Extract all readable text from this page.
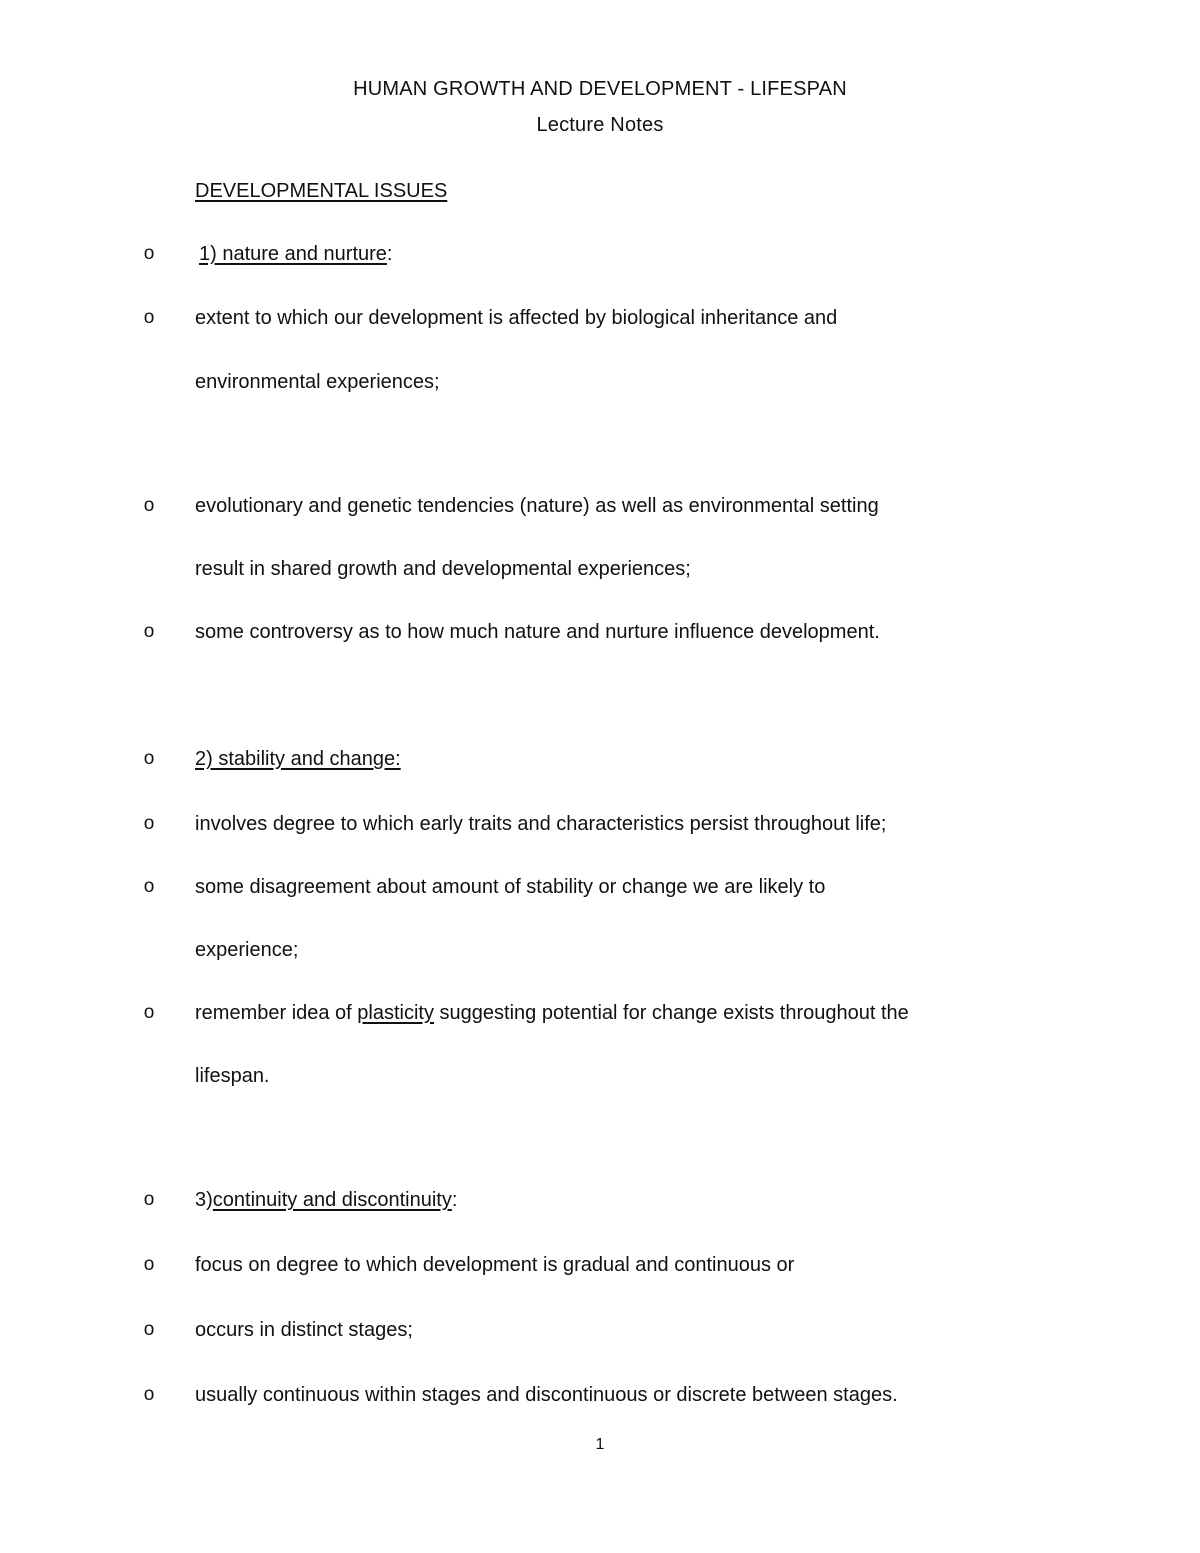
HUMAN GROWTH AND DEVELOPMENT - LIFESPAN
Lecture Notes
DEVELOPMENTAL ISSUES
o 1) nature and nurture:
o extent to which our development is affected by biological inheritance and
environmental experiences;
o evolutionary and genetic tendencies (nature) as well as environmental setting
result in shared growth and developmental experiences;
o some controversy as to how much nature and nurture influence development.
o 2) stability and change:
o involves degree to which early traits and characteristics persist throughout life;
o some disagreement about amount of stability or change we are likely to
experience;
o remember idea of plasticity suggesting potential for change exists throughout the
lifespan.
o 3)continuity and discontinuity:
o focus on degree to which development is gradual and continuous or
o occurs in distinct stages;
o usually continuous within stages and discontinuous or discrete between stages.
1
